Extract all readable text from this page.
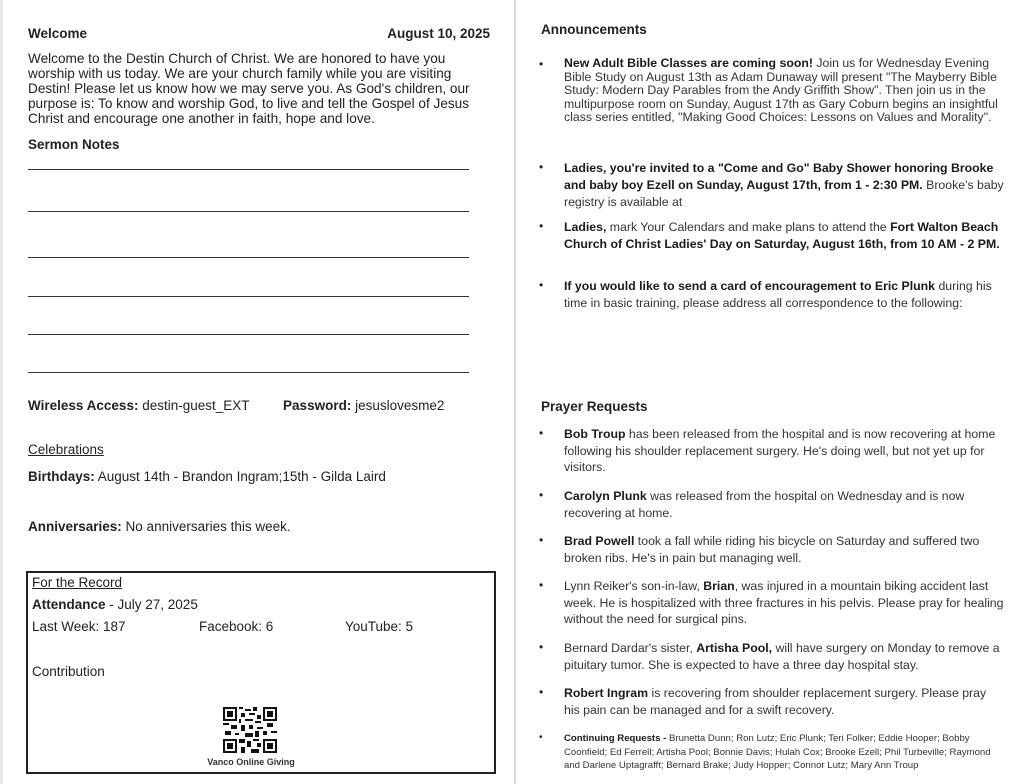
Welcome	August 10, 2025
Welcome to the Destin Church of Christ. We are honored to have you worship with us today. We are your church family while you are visiting Destin! Please let us know how we may serve you. As God's children, our purpose is: To know and worship God, to live and tell the Gospel of Jesus Christ and encourage one another in faith, hope and love.
Sermon Notes
Wireless Access: destin-guest_EXT	Password: jesuslovesme2
Celebrations
Birthdays: August 14th - Brandon Ingram;15th - Gilda Laird
Anniversaries: No anniversaries this week.
For the Record
Attendance - July 27, 2025
Last Week: 187	Facebook: 6	YouTube: 5
Contribution
Vanco Online Giving
Announcements
• New Adult Bible Classes are coming soon! Join us for Wednesday Evening Bible Study on August 13th as Adam Dunaway will present "The Mayberry Bible Study: Modern Day Parables from the Andy Griffith Show". Then join us in the multipurpose room on Sunday, August 17th as Gary Coburn begins an insightful class series entitled, "Making Good Choices: Lessons on Values and Morality".
• Ladies, you're invited to a "Come and Go" Baby Shower honoring Brooke and baby boy Ezell on Sunday, August 17th, from 1 - 2:30 PM. Brooke's baby registry is available at
• Ladies, mark Your Calendars and make plans to attend the Fort Walton Beach Church of Christ Ladies' Day on Saturday, August 16th, from 10 AM - 2 PM.
• If you would like to send a card of encouragement to Eric Plunk during his time in basic training, please address all correspondence to the following:
Prayer Requests
• Bob Troup has been released from the hospital and is now recovering at home following his shoulder replacement surgery. He's doing well, but not yet up for visitors.
• Carolyn Plunk was released from the hospital on Wednesday and is now recovering at home.
• Brad Powell took a fall while riding his bicycle on Saturday and suffered two broken ribs. He's in pain but managing well.
• Lynn Reiker's son-in-law, Brian, was injured in a mountain biking accident last week. He is hospitalized with three fractures in his pelvis. Please pray for healing without the need for surgical pins.
• Bernard Dardar's sister, Artisha Pool, will have surgery on Monday to remove a pituitary tumor. She is expected to have a three day hospital stay.
• Robert Ingram is recovering from shoulder replacement surgery. Please pray his pain can be managed and for a swift recovery.
• Continuing Requests - Brunetta Dunn; Ron Lutz; Eric Plunk; Teri Folker; Eddie Hooper; Bobby Coonfield; Ed Ferrell; Artisha Pool; Bonnie Davis; Hulah Cox; Brooke Ezell; Phil Turbeville; Raymond and Darlene Uptagrafft; Bernard Brake; Judy Hopper; Connor Lutz; Mary Ann Troup
